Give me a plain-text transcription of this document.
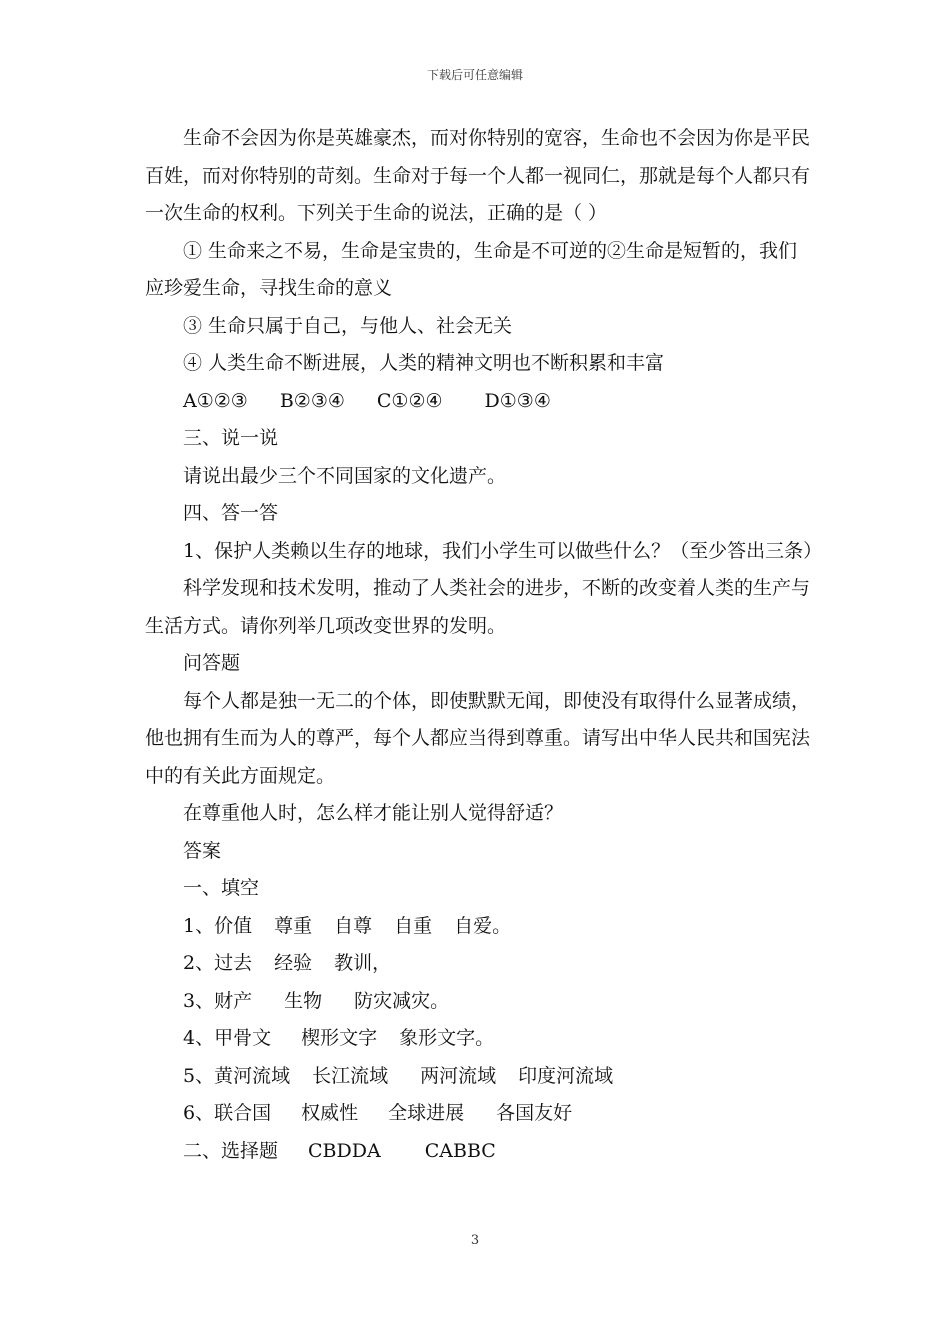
下载后可任意编辑

生命不会因为你是英雄豪杰，而对你特别的宽容，生命也不会因为你是平民百姓，而对你特别的苛刻。生命对于每一个人都一视同仁，那就是每个人都只有一次生命的权利。下列关于生命的说法，正确的是（ ）

① 生命来之不易，生命是宝贵的，生命是不可逆的②生命是短暂的，我们应珍爱生命，寻找生命的意义

③ 生命只属于自己，与他人、社会无关

④ 人类生命不断进展，人类的精神文明也不断积累和丰富

A①②③ B②③④ C①②④ D①③④

三、说一说

请说出最少三个不同国家的文化遗产。

四、答一答

1、保护人类赖以生存的地球，我们小学生可以做些什么？（至少答出三条）

科学发现和技术发明，推动了人类社会的进步，不断的改变着人类的生产与生活方式。请你列举几项改变世界的发明。

问答题

每个人都是独一无二的个体，即使默默无闻，即使没有取得什么显著成绩，他也拥有生而为人的尊严，每个人都应当得到尊重。请写出中华人民共和国宪法中的有关此方面规定。

在尊重他人时，怎么样才能让别人觉得舒适？

答案

一、填空

1、价值 尊重 自尊 自重 自爱。

2、过去 经验 教训，

3、财产 生物 防灾减灾。

4、甲骨文 楔形文字 象形文字。

5、黄河流域 长江流域 两河流域 印度河流域

6、联合国 权威性 全球进展 各国友好

二、选择题 CBDDA CABBC

3
